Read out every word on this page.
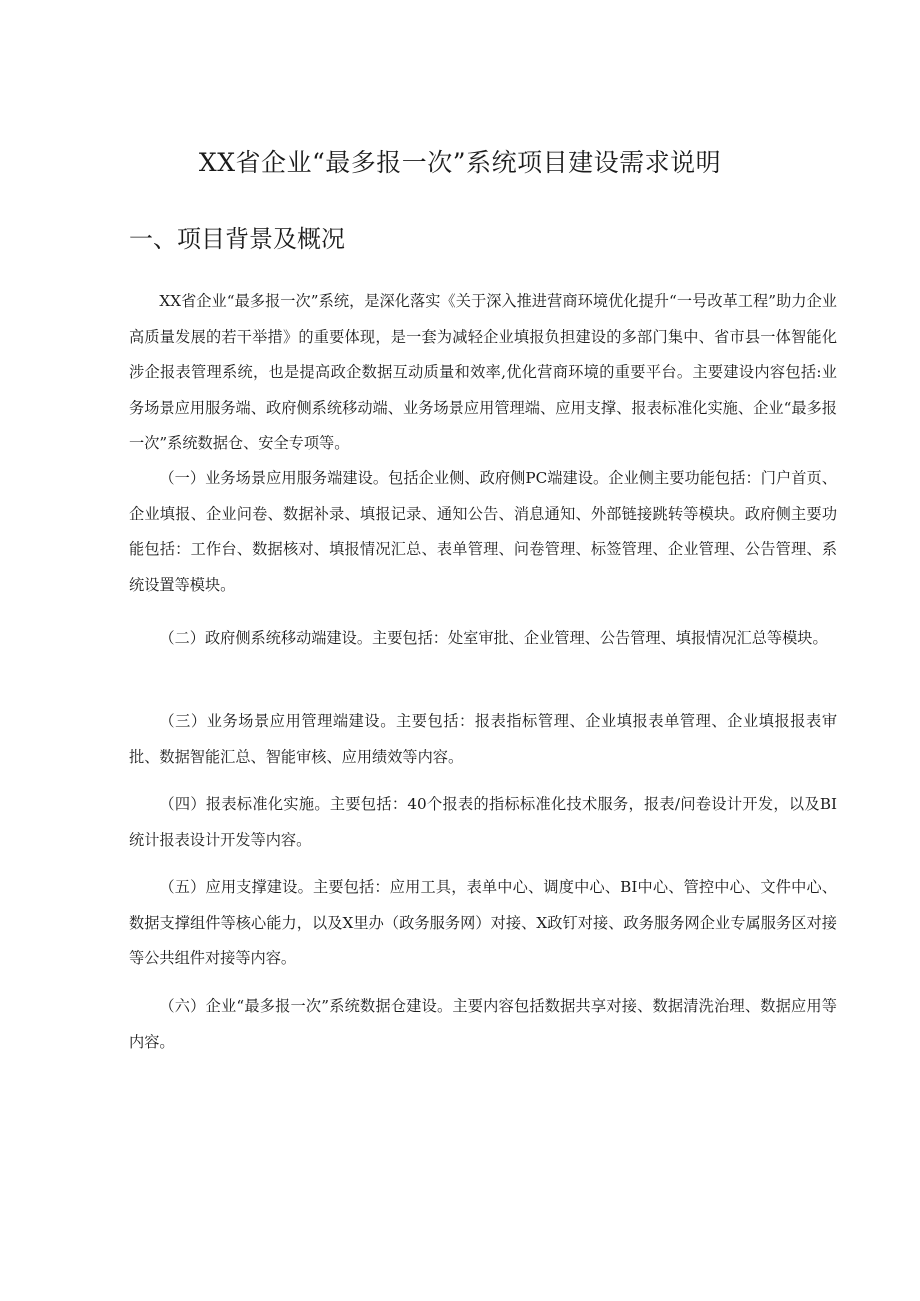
XX省企业“最多报一次”系统项目建设需求说明
一、项目背景及概况

XX省企业“最多报一次”系统，是深化落实《关于深入推进营商环境优化提升“一号改革工程”助力企业高质量发展的若干举措》的重要体现，是一套为减轻企业填报负担建设的多部门集中、省市县一体智能化涉企报表管理系统，也是提高政企数据互动质量和效率,优化营商环境的重要平台。主要建设内容包括:业务场景应用服务端、政府侧系统移动端、业务场景应用管理端、应用支撑、报表标准化实施、企业“最多报一次”系统数据仓、安全专项等。

（一）业务场景应用服务端建设。包括企业侧、政府侧PC端建设。企业侧主要功能包括：门户首页、企业填报、企业问卷、数据补录、填报记录、通知公告、消息通知、外部链接跳转等模块。政府侧主要功能包括：工作台、数据核对、填报情况汇总、表单管理、问卷管理、标签管理、企业管理、公告管理、系统设置等模块。

（二）政府侧系统移动端建设。主要包括：处室审批、企业管理、公告管理、填报情况汇总等模块。

（三）业务场景应用管理端建设。主要包括：报表指标管理、企业填报表单管理、企业填报报表审批、数据智能汇总、智能审核、应用绩效等内容。

（四）报表标准化实施。主要包括：40个报表的指标标准化技术服务，报表/问卷设计开发，以及BI统计报表设计开发等内容。

（五）应用支撑建设。主要包括：应用工具，表单中心、调度中心、BI中心、管控中心、文件中心、数据支撑组件等核心能力，以及X里办（政务服务网）对接、X政钉对接、政务服务网企业专属服务区对接等公共组件对接等内容。

（六）企业“最多报一次”系统数据仓建设。主要内容包括数据共享对接、数据清洗治理、数据应用等内容。
